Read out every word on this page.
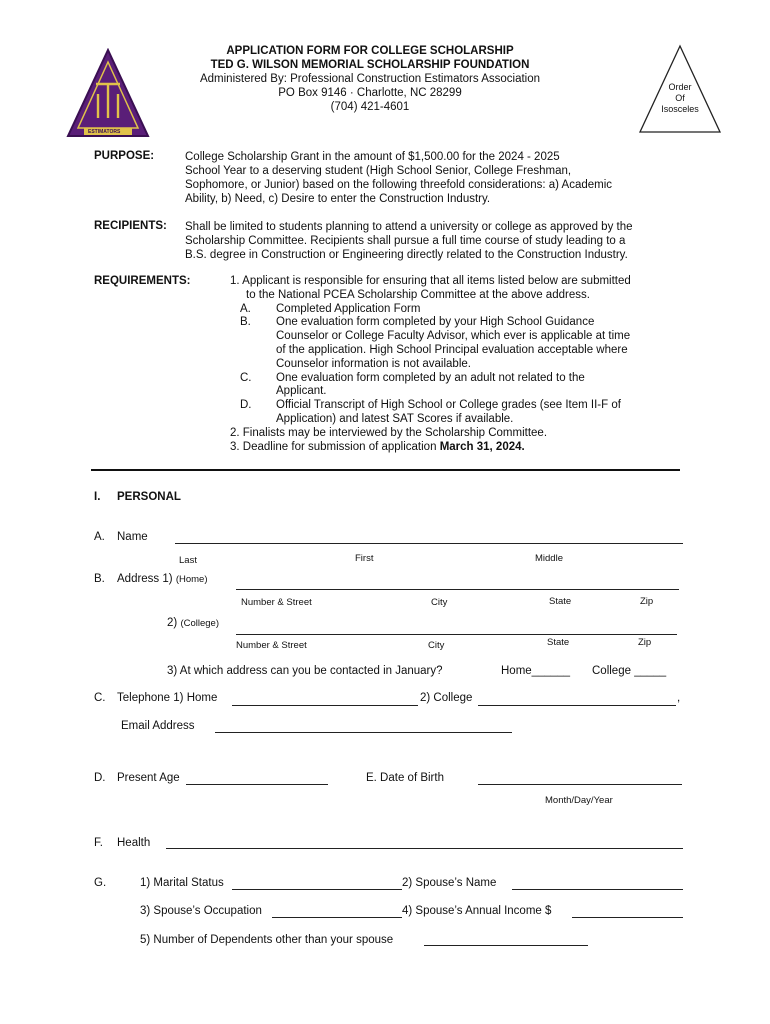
ESTIMATORS
APPLICATION FORM FOR COLLEGE SCHOLARSHIP
TED G. WILSON MEMORIAL SCHOLARSHIP FOUNDATION
Administered By: Professional Construction Estimators Association
PO Box 9146 · Charlotte, NC 28299
(704) 421-4601
Order
Of
Isosceles
PURPOSE:	College Scholarship Grant in the amount of $1,500.00 for the 2024 - 2025
School Year to a deserving student (High School Senior, College Freshman,
Sophomore, or Junior) based on the following threefold considerations: a) Academic
Ability, b) Need, c) Desire to enter the Construction Industry.
RECIPIENTS: Shall be limited to students planning to attend a university or college as approved by the
Scholarship Committee. Recipients shall pursue a full time course of study leading to a
B.S. degree in Construction or Engineering directly related to the Construction Industry.
REQUIREMENTS:	1. Applicant is responsible for ensuring that all items listed below are submitted
to the National PCEA Scholarship Committee at the above address.
A. Completed Application Form
B. One evaluation form completed by your High School Guidance
Counselor or College Faculty Advisor, which ever is applicable at time
of the application. High School Principal evaluation acceptable where
Counselor information is not available.
C. One evaluation form completed by an adult not related to the
Applicant.
D. Official Transcript of High School or College grades (see Item II-F of
Application) and latest SAT Scores if available.
2. Finalists may be interviewed by the Scholarship Committee.
3. Deadline for submission of application March 31, 2024.
I. PERSONAL
A. Name
Last	First	Middle
B. Address 1) (Home)
Number & Street	City	State	Zip
2) (College)
Number & Street	City	State	Zip
3) At which address can you be contacted in January?	Home______ College _____
C. Telephone 1) Home	2) College	,
Email Address
D. Present Age	E. Date of Birth
Month/Day/Year
F. Health
G.	1) Marital Status	2) Spouse’s Name
3) Spouse’s Occupation	4) Spouse’s Annual Income $
5) Number of Dependents other than your spouse
